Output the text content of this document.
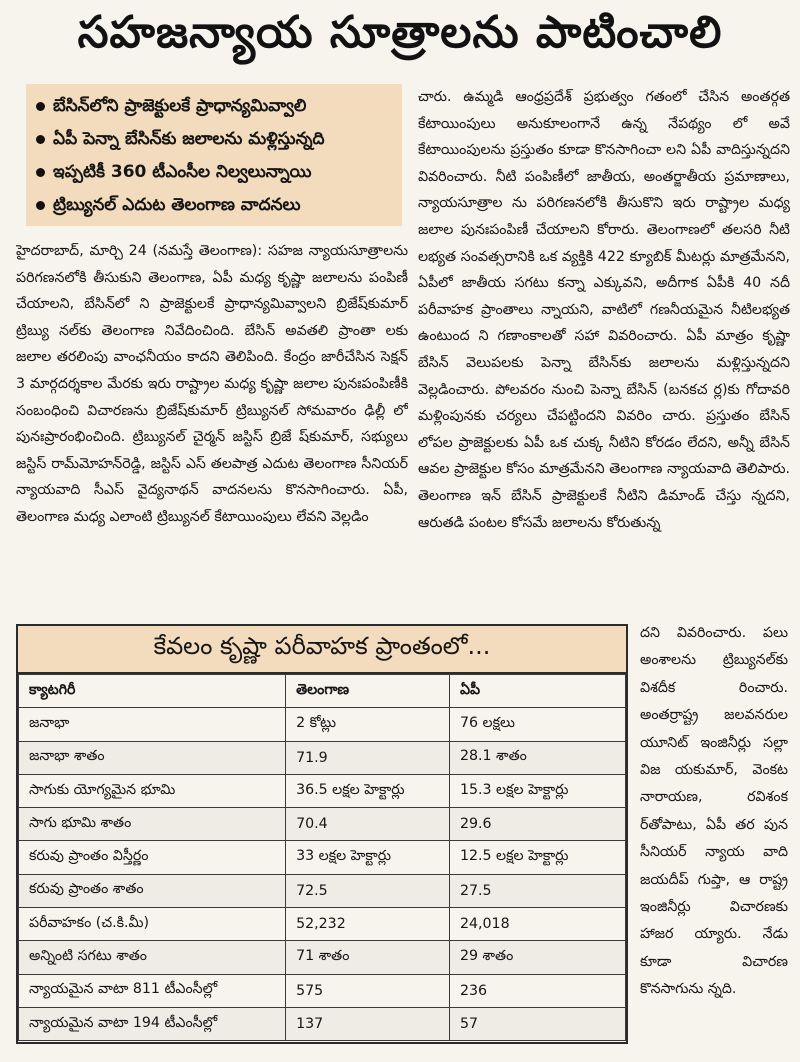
సహజన్యాయ సూత్రాలను పాటించాలి
బేసిన్‌లోని ప్రాజెక్టులకే ప్రాధాన్యమివ్వాలి
ఏపీ పెన్నా బేసిన్‌కు జలాలను మళ్లిస్తున్నది
ఇప్పటికీ 360 టీఎంసీల నిల్వలున్నాయి
ట్రిబ్యునల్ ఎదుట తెలంగాణ వాదనలు
హైదరాబాద్, మార్చి 24 (నమస్తే తెలంగాణ): సహజ న్యాయసూత్రాలను పరిగణనలోకి తీసుకుని తెలంగాణ, ఏపీ మధ్య కృష్ణా జలాలను పంపిణీ చేయాలని, బేసిన్‌లో ని ప్రాజెక్టులకే ప్రాధాన్యమివ్వాలని బ్రిజేష్‌కుమార్ ట్రిబ్యు నల్‌కు తెలంగాణ నివేదించింది. బేసిన్ అవతలి ప్రాంతా లకు జలాల తరలింపు వాంఛనీయం కాదని తెలిపింది. కేంద్రం జారీచేసిన సెక్షన్ 3 మార్గదర్శకాల మేరకు ఇరు రాష్ట్రాల మధ్య కృష్ణా జలాల పునఃపంపిణీకి సంబంధించి విచారణను బ్రిజేష్‌కుమార్ ట్రిబ్యునల్ సోమవారం ఢిల్లీ లో పునఃప్రారంభించింది. ట్రిబ్యునల్ చైర్మన్ జస్టిస్ బ్రిజే ష్‌కుమార్, సభ్యులు జస్టిస్ రామ్‌మోహన్‌రెడ్డి, జస్టిస్ ఎస్ తలపాత్ర ఎదుట తెలంగాణ సీనియర్ న్యాయవాది సీఎస్ వైద్యనాథన్ వాదనలను కొనసాగించారు. ఏపీ, తెలంగాణ మధ్య ఎలాంటి ట్రిబ్యునల్ కేటాయింపులు లేవని వెల్లడిం
చారు. ఉమ్మడి ఆంధ్రప్రదేశ్ ప్రభుత్వం గతంలో చేసిన అంతర్గత కేటాయింపులు అనుకూలంగానే ఉన్న నేపథ్యం లో అవే కేటాయింపులను ప్రస్తుతం కూడా కొనసాగించా లని ఏపీ వాదిస్తున్నదని వివరించారు. నీటి పంపిణీలో జాతీయ, అంతర్జాతీయ ప్రమాణాలు, న్యాయసూత్రాల ను పరిగణనలోకి తీసుకొని ఇరు రాష్ట్రాల మధ్య జలాల పునఃపంపిణీ చేయాలని కోరారు. తెలంగాణలో తలసరి నీటి లభ్యత సంవత్సరానికి ఒక వ్యక్తికి 422 క్యూబిక్ మీటర్లు మాత్రమేనని, ఏపీలో జాతీయ సగటు కన్నా ఎక్కువని, అదీగాక ఏపీకి 40 నదీ పరీవాహక ప్రాంతాలు న్నాయని, వాటిలో గణనీయమైన నీటిలభ్యత ఉంటుంద ని గణాంకాలతో సహా వివరించారు. ఏపీ మాత్రం కృష్ణా బేసిన్ వెలుపలకు పెన్నా బేసిన్‌కు జలాలను మళ్లిస్తున్నదని వెల్లడించారు. పోలవరం నుంచి పెన్నా బేసిన్ (బనకచ ర్ల)కు గోదావరి మళ్లింపునకు చర్యలు చేపట్టిందని వివరిం చారు. ప్రస్తుతం బేసిన్ లోపల ప్రాజెక్టులకు ఏపీ ఒక చుక్క నీటిని కోరడం లేదని, అన్నీ బేసిన్ ఆవల ప్రాజెక్టుల కోసం మాత్రమేనని తెలంగాణ న్యాయవాది తెలిపారు. తెలంగాణ ఇన్ బేసిన్ ప్రాజెక్టులకే నీటిని డిమాండ్ చేస్తు న్నదని, ఆరుతడి పంటల కోసమే జలాలను కోరుతున్న
దని వివరించారు. పలు అంశాలను ట్రిబ్యునల్‌కు విశదీక రించారు. అంతర్రాష్ట్ర జలవనరుల యూనిట్ ఇంజినీర్లు సల్లా విజ యకుమార్, వెంకట నారాయణ, రవిశంక ర్‌తోపాటు, ఏపీ తర పున సీనియర్ న్యాయ వాది జయదీప్ గుప్తా, ఆ రాష్ట్ర ఇంజినీర్లు విచారణకు హాజర య్యారు. నేడు కూడా విచారణ కొనసాగును న్నది.
కేవలం కృష్ణా పరీవాహక ప్రాంతంలో...
క్యాటగిరీ	తెలంగాణ	ఏపీ
జనాభా	2 కోట్లు	76 లక్షలు
జనాభా శాతం	71.9	28.1 శాతం
సాగుకు యోగ్యమైన భూమి	36.5 లక్షల హెక్టార్లు	15.3 లక్షల హెక్టార్లు
సాగు భూమి శాతం	70.4	29.6
కరువు ప్రాంతం విస్తీర్ణం	33 లక్షల హెక్టార్లు	12.5 లక్షల హెక్టార్లు
కరువు ప్రాంతం శాతం	72.5	27.5
పరీవాహకం (చ.కి.మీ)	52,232	24,018
అన్నింటి సగటు శాతం	71 శాతం	29 శాతం
న్యాయమైన వాటా 811 టీఎంసీల్లో	575	236
న్యాయమైన వాటా 194 టీఎంసీల్లో	137	57
